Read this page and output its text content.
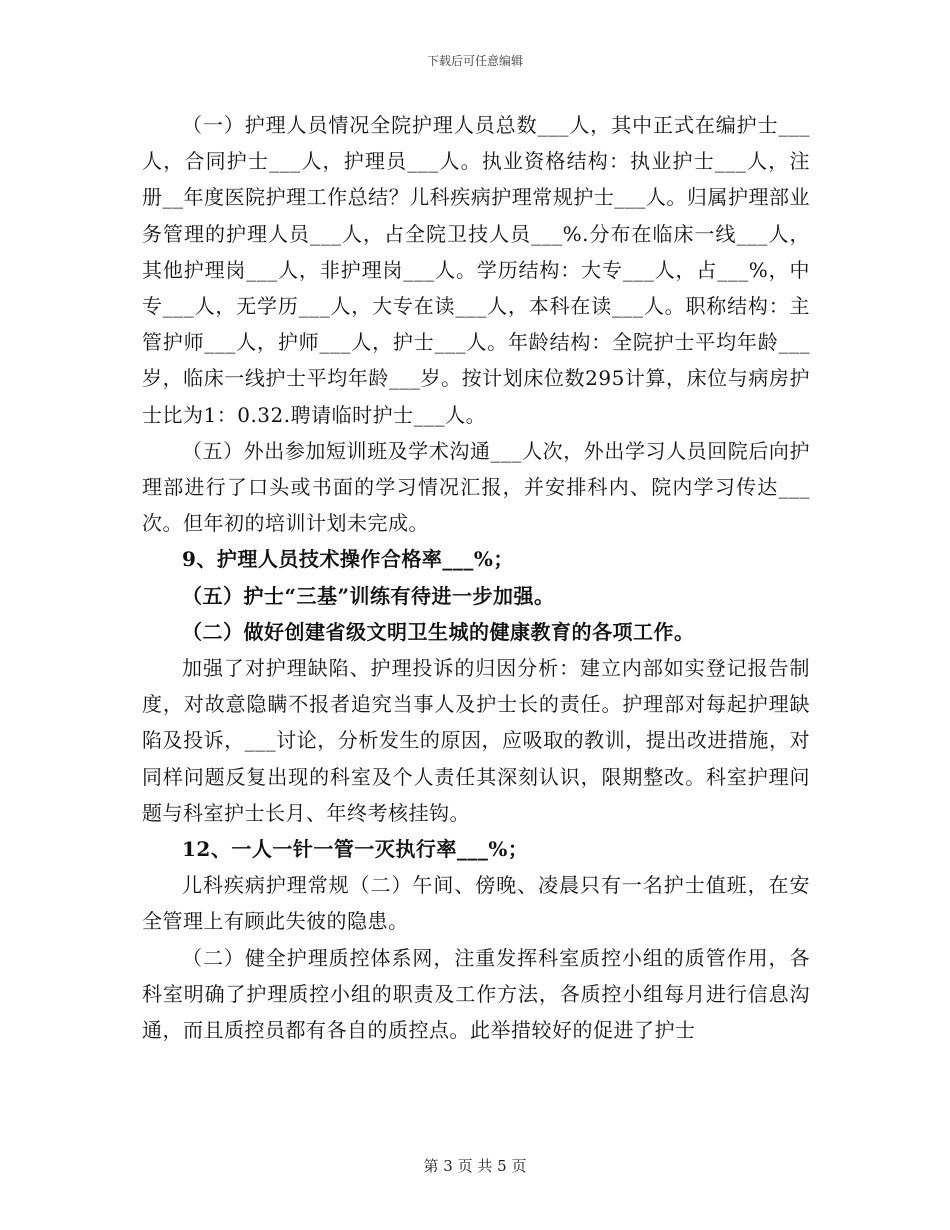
下载后可任意编辑

（一）护理人员情况全院护理人员总数___人，其中正式在编护士___人，合同护士___人，护理员___人。执业资格结构：执业护士___人，注册__年度医院护理工作总结？儿科疾病护理常规护士___人。归属护理部业务管理的护理人员___人，占全院卫技人员___%.分布在临床一线___人，其他护理岗___人，非护理岗___人。学历结构：大专___人，占___%，中专___人，无学历___人，大专在读___人，本科在读___人。职称结构：主管护师___人，护师___人，护士___人。年龄结构：全院护士平均年龄___岁，临床一线护士平均年龄___岁。按计划床位数295计算，床位与病房护士比为1：0.32.聘请临时护士___人。

（五）外出参加短训班及学术沟通___人次，外出学习人员回院后向护理部进行了口头或书面的学习情况汇报，并安排科内、院内学习传达___次。但年初的培训计划未完成。

9、护理人员技术操作合格率___%；

（五）护士“三基”训练有待进一步加强。

（二）做好创建省级文明卫生城的健康教育的各项工作。

加强了对护理缺陷、护理投诉的归因分析：建立内部如实登记报告制度，对故意隐瞒不报者追究当事人及护士长的责任。护理部对每起护理缺陷及投诉，___讨论，分析发生的原因，应吸取的教训，提出改进措施，对同样问题反复出现的科室及个人责任其深刻认识，限期整改。科室护理问题与科室护士长月、年终考核挂钩。

12、一人一针一管一灭执行率___%；

儿科疾病护理常规（二）午间、傍晚、凌晨只有一名护士值班，在安全管理上有顾此失彼的隐患。

（二）健全护理质控体系网，注重发挥科室质控小组的质管作用，各科室明确了护理质控小组的职责及工作方法，各质控小组每月进行信息沟通，而且质控员都有各自的质控点。此举措较好的促进了护士

第 3 页 共 5 页
